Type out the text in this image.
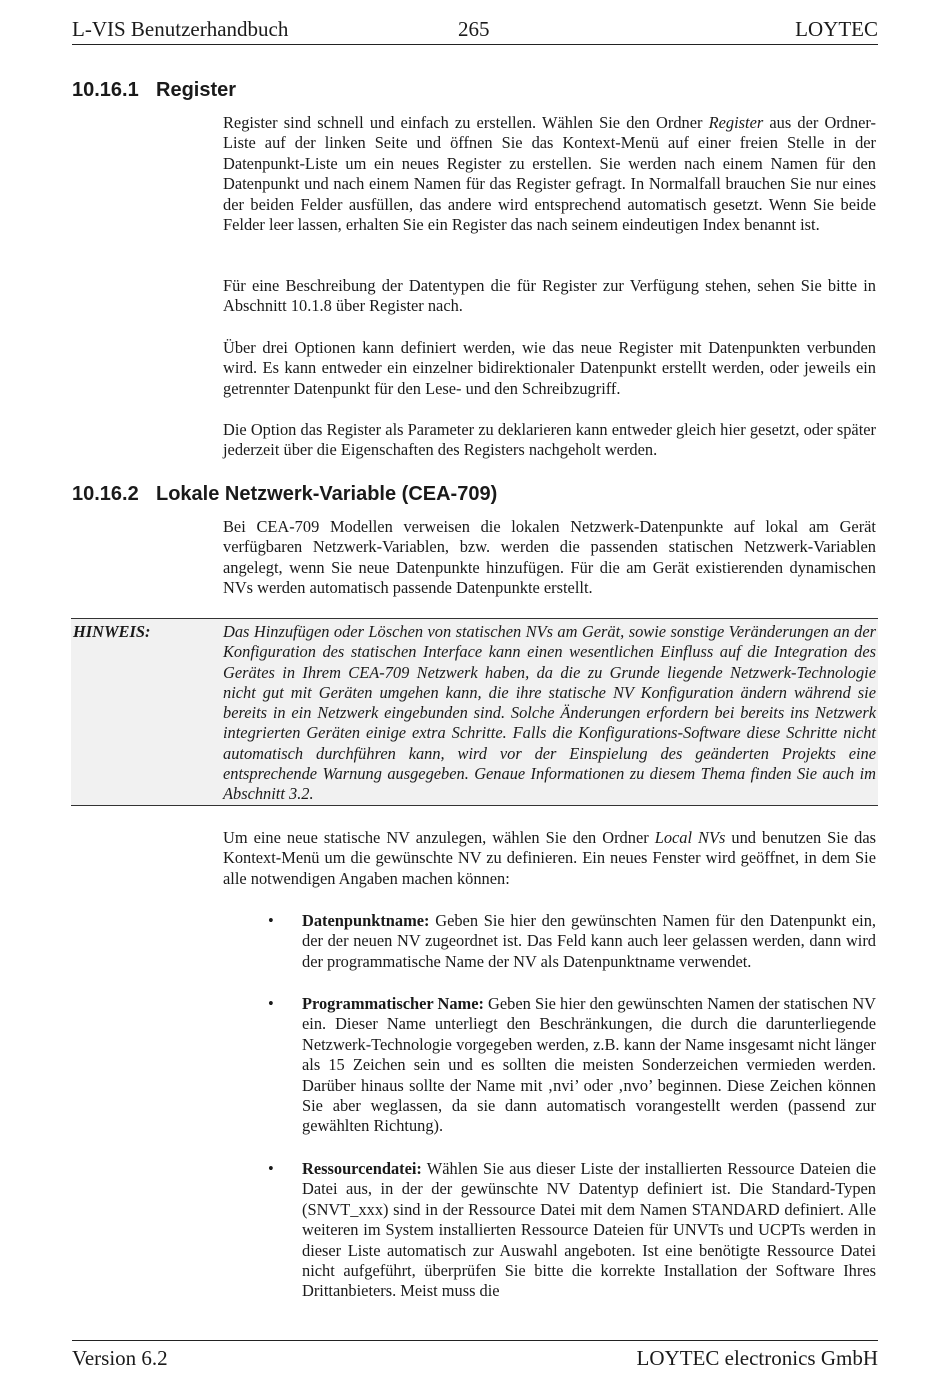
L-VIS Benutzerhandbuch	265	LOYTEC
10.16.1 Register

Register sind schnell und einfach zu erstellen. Wählen Sie den Ordner Register aus der Ordner-Liste auf der linken Seite und öffnen Sie das Kontext-Menü auf einer freien Stelle in der Datenpunkt-Liste um ein neues Register zu erstellen. Sie werden nach einem Namen für den Datenpunkt und nach einem Namen für das Register gefragt. In Normalfall brauchen Sie nur eines der beiden Felder ausfüllen, das andere wird entsprechend automatisch gesetzt. Wenn Sie beide Felder leer lassen, erhalten Sie ein Register das nach seinem eindeutigen Index benannt ist.

Für eine Beschreibung der Datentypen die für Register zur Verfügung stehen, sehen Sie bitte in Abschnitt 10.1.8 über Register nach.

Über drei Optionen kann definiert werden, wie das neue Register mit Datenpunkten verbunden wird. Es kann entweder ein einzelner bidirektionaler Datenpunkt erstellt werden, oder jeweils ein getrennter Datenpunkt für den Lese- und den Schreibzugriff.

Die Option das Register als Parameter zu deklarieren kann entweder gleich hier gesetzt, oder später jederzeit über die Eigenschaften des Registers nachgeholt werden.

10.16.2 Lokale Netzwerk-Variable (CEA-709)

Bei CEA-709 Modellen verweisen die lokalen Netzwerk-Datenpunkte auf lokal am Gerät verfügbaren Netzwerk-Variablen, bzw. werden die passenden statischen Netzwerk-Variablen angelegt, wenn Sie neue Datenpunkte hinzufügen. Für die am Gerät existierenden dynamischen NVs werden automatisch passende Datenpunkte erstellt.

HINWEIS:	Das Hinzufügen oder Löschen von statischen NVs am Gerät, sowie sonstige Veränderungen an der Konfiguration des statischen Interface kann einen wesentlichen Einfluss auf die Integration des Gerätes in Ihrem CEA-709 Netzwerk haben, da die zu Grunde liegende Netzwerk-Technologie nicht gut mit Geräten umgehen kann, die ihre statische NV Konfiguration ändern während sie bereits in ein Netzwerk eingebunden sind. Solche Änderungen erfordern bei bereits ins Netzwerk integrierten Geräten einige extra Schritte. Falls die Konfigurations-Software diese Schritte nicht automatisch durchführen kann, wird vor der Einspielung des geänderten Projekts eine entsprechende Warnung ausgegeben. Genaue Informationen zu diesem Thema finden Sie auch im Abschnitt 3.2.

Um eine neue statische NV anzulegen, wählen Sie den Ordner Local NVs und benutzen Sie das Kontext-Menü um die gewünschte NV zu definieren. Ein neues Fenster wird geöffnet, in dem Sie alle notwendigen Angaben machen können:

• Datenpunktname: Geben Sie hier den gewünschten Namen für den Datenpunkt ein, der der neuen NV zugeordnet ist. Das Feld kann auch leer gelassen werden, dann wird der programmatische Name der NV als Datenpunktname verwendet.

• Programmatischer Name: Geben Sie hier den gewünschten Namen der statischen NV ein. Dieser Name unterliegt den Beschränkungen, die durch die darunterliegende Netzwerk-Technologie vorgegeben werden, z.B. kann der Name insgesamt nicht länger als 15 Zeichen sein und es sollten die meisten Sonderzeichen vermieden werden. Darüber hinaus sollte der Name mit ‚nvi’ oder ‚nvo’ beginnen. Diese Zeichen können Sie aber weglassen, da sie dann automatisch vorangestellt werden (passend zur gewählten Richtung).

• Ressourcendatei: Wählen Sie aus dieser Liste der installierten Ressource Dateien die Datei aus, in der der gewünschte NV Datentyp definiert ist. Die Standard-Typen (SNVT_xxx) sind in der Ressource Datei mit dem Namen STANDARD definiert. Alle weiteren im System installierten Ressource Dateien für UNVTs und UCPTs werden in dieser Liste automatisch zur Auswahl angeboten. Ist eine benötigte Ressource Datei nicht aufgeführt, überprüfen Sie bitte die korrekte Installation der Software Ihres Drittanbieters. Meist muss die

Version 6.2	LOYTEC electronics GmbH
